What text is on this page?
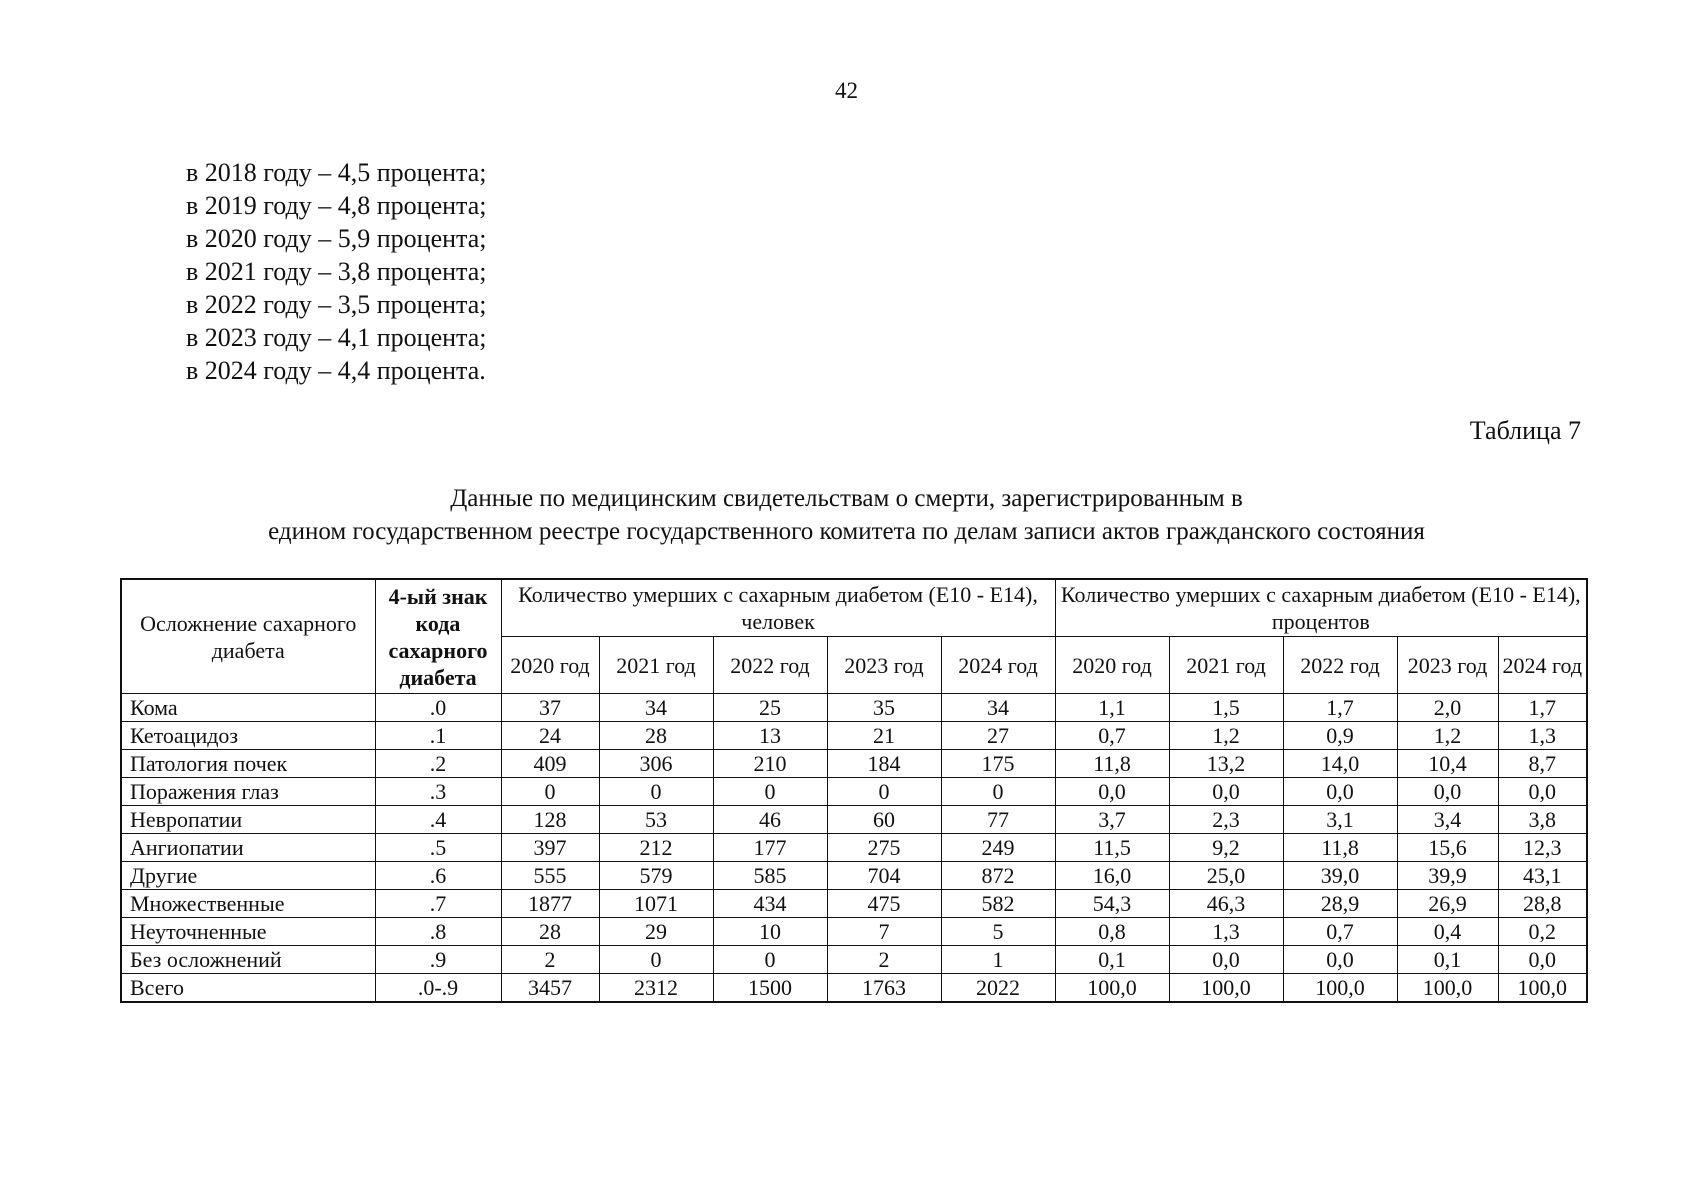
42
в 2018 году – 4,5 процента;
в 2019 году – 4,8 процента;
в 2020 году – 5,9 процента;
в 2021 году – 3,8 процента;
в 2022 году – 3,5 процента;
в 2023 году – 4,1 процента;
в 2024 году – 4,4 процента.
Таблица 7
Данные по медицинским свидетельствам о смерти, зарегистрированным в
едином государственном реестре государственного комитета по делам записи актов гражданского состояния
Осложнение сахарного диабета	4-ый знак кода сахарного диабета	Количество умерших с сахарным диабетом (Е10 - Е14), человек					Количество умерших с сахарным диабетом (Е10 - Е14), процентов				
		2020 год	2021 год	2022 год	2023 год	2024 год	2020 год	2021 год	2022 год	2023 год	2024 год
Кома	.0	37	34	25	35	34	1,1	1,5	1,7	2,0	1,7
Кетоацидоз	.1	24	28	13	21	27	0,7	1,2	0,9	1,2	1,3
Патология почек	.2	409	306	210	184	175	11,8	13,2	14,0	10,4	8,7
Поражения глаз	.3	0	0	0	0	0	0,0	0,0	0,0	0,0	0,0
Невропатии	.4	128	53	46	60	77	3,7	2,3	3,1	3,4	3,8
Ангиопатии	.5	397	212	177	275	249	11,5	9,2	11,8	15,6	12,3
Другие	.6	555	579	585	704	872	16,0	25,0	39,0	39,9	43,1
Множественные	.7	1877	1071	434	475	582	54,3	46,3	28,9	26,9	28,8
Неуточненные	.8	28	29	10	7	5	0,8	1,3	0,7	0,4	0,2
Без осложнений	.9	2	0	0	2	1	0,1	0,0	0,0	0,1	0,0
Всего	.0-.9	3457	2312	1500	1763	2022	100,0	100,0	100,0	100,0	100,0
